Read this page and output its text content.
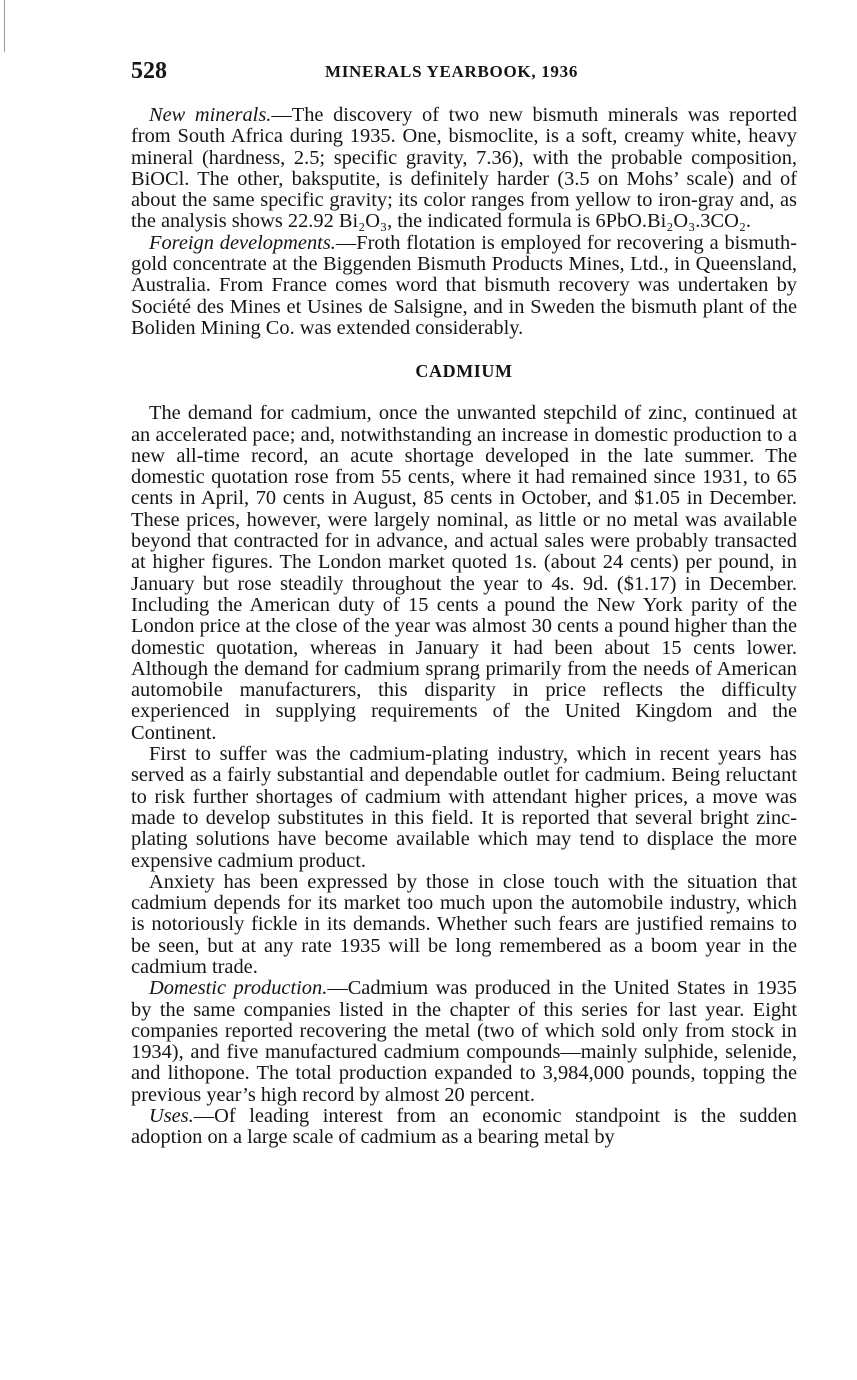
528	MINERALS YEARBOOK, 1936

New minerals.—The discovery of two new bismuth minerals was reported from South Africa during 1935. One, bismoclite, is a soft, creamy white, heavy mineral (hardness, 2.5; specific gravity, 7.36), with the probable composition, BiOCl. The other, baksputite, is definitely harder (3.5 on Mohs’ scale) and of about the same specific gravity; its color ranges from yellow to iron-gray and, as the analysis shows 22.92 Bi₂O₃, the indicated formula is 6PbO.Bi₂O₃.3CO₂.

Foreign developments.—Froth flotation is employed for recovering a bismuth-gold concentrate at the Biggenden Bismuth Products Mines, Ltd., in Queensland, Australia. From France comes word that bismuth recovery was undertaken by Société des Mines et Usines de Salsigne, and in Sweden the bismuth plant of the Boliden Mining Co. was extended considerably.

CADMIUM

The demand for cadmium, once the unwanted stepchild of zinc, continued at an accelerated pace; and, notwithstanding an increase in domestic production to a new all-time record, an acute shortage developed in the late summer. The domestic quotation rose from 55 cents, where it had remained since 1931, to 65 cents in April, 70 cents in August, 85 cents in October, and $1.05 in December. These prices, however, were largely nominal, as little or no metal was available beyond that contracted for in advance, and actual sales were probably transacted at higher figures. The London market quoted 1s. (about 24 cents) per pound, in January but rose steadily throughout the year to 4s. 9d. ($1.17) in December. Including the American duty of 15 cents a pound the New York parity of the London price at the close of the year was almost 30 cents a pound higher than the domestic quotation, whereas in January it had been about 15 cents lower. Although the demand for cadmium sprang primarily from the needs of American automobile manufacturers, this disparity in price reflects the difficulty experienced in supplying requirements of the United Kingdom and the Continent.

First to suffer was the cadmium-plating industry, which in recent years has served as a fairly substantial and dependable outlet for cadmium. Being reluctant to risk further shortages of cadmium with attendant higher prices, a move was made to develop substitutes in this field. It is reported that several bright zinc-plating solutions have become available which may tend to displace the more expensive cadmium product.

Anxiety has been expressed by those in close touch with the situation that cadmium depends for its market too much upon the automobile industry, which is notoriously fickle in its demands. Whether such fears are justified remains to be seen, but at any rate 1935 will be long remembered as a boom year in the cadmium trade.

Domestic production.—Cadmium was produced in the United States in 1935 by the same companies listed in the chapter of this series for last year. Eight companies reported recovering the metal (two of which sold only from stock in 1934), and five manufactured cadmium compounds—mainly sulphide, selenide, and lithopone. The total production expanded to 3,984,000 pounds, topping the previous year’s high record by almost 20 percent.

Uses.—Of leading interest from an economic standpoint is the sudden adoption on a large scale of cadmium as a bearing metal by
